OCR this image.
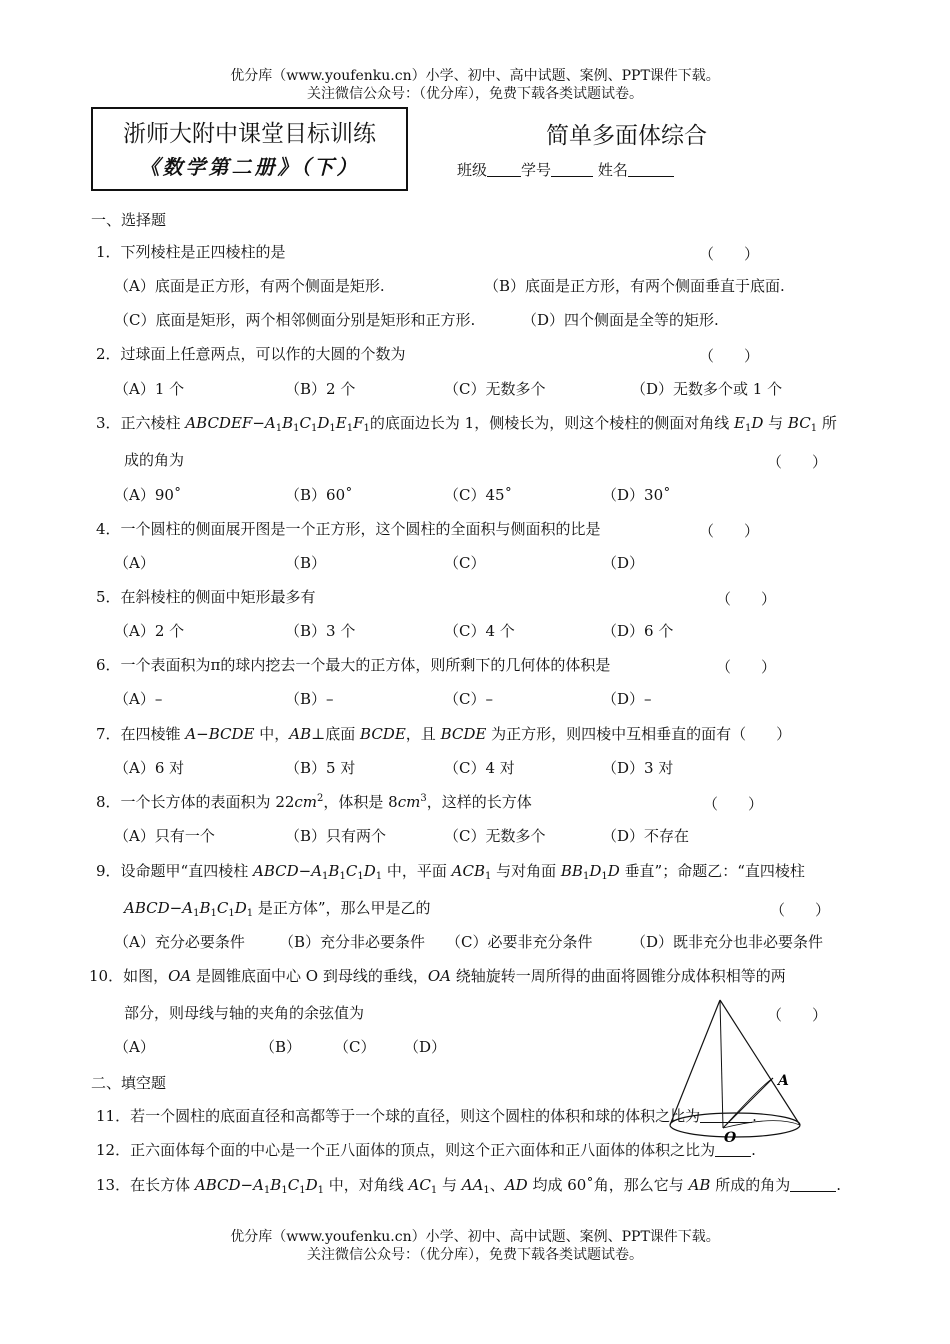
优分库（www.youfenku.cn）小学、初中、高中试题、案例、PPT课件下载。
关注微信公众号：（优分库），免费下载各类试题试卷。
浙师大附中课堂目标训练
《数学第二册》（下）
简单多面体综合
班级 学号	姓名
一、选择题
1．下列棱柱是正四棱柱的是	（　　）
（A）底面是正方形，有两个侧面是矩形.	（B）底面是正方形，有两个侧面垂直于底面.
（C）底面是矩形，两个相邻侧面分别是矩形和正方形.	（D）四个侧面是全等的矩形.
2．过球面上任意两点，可以作的大圆的个数为	（　　）
（A）1 个	（B）2 个	（C）无数多个	（D）无数多个或 1 个
3．正六棱柱 $ABCDEF-A_1B_1C_1D_1E_1F_1$的底面边长为 1，侧棱长为，则这个棱柱的侧面对角线 $E_1D$ 与 $BC_1$ 所
成的角为	（　　）
（A）90˚	（B）60˚	（C）45˚	（D）30˚
4．一个圆柱的侧面展开图是一个正方形，这个圆柱的全面积与侧面积的比是	（　　）
（A）	（B）	（C）	（D）
5．在斜棱柱的侧面中矩形最多有	（　　）
（A）2 个	（B）3 个	（C）4 个	（D）6 个
6．一个表面积为π的球内挖去一个最大的正方体，则所剩下的几何体的体积是	（　　）
（A）–	（B）–	（C）–	（D）–
7．在四棱锥 A−BCDE 中，AB⊥底面 BCDE，且 BCDE 为正方形，则四棱中互相垂直的面有（　　）
（A）6 对	（B）5 对	（C）4 对	（D）3 对
8．一个长方体的表面积为 $22cm^2$，体积是 $8cm^3$，这样的长方体	（　　）
（A）只有一个	（B）只有两个	（C）无数多个	（D）不存在
9．设命题甲“直四棱柱 $ABCD-A_1B_1C_1D_1$ 中，平面 $ACB_1$ 与对角面 $BB_1D_1D$ 垂直”；命题乙：“直四棱柱
$ABCD-A_1B_1C_1D_1$ 是正方体”，那么甲是乙的	（　　）
（A）充分必要条件 （B）充分非必要条件 （C）必要非充分条件	（D）既非充分也非必要条件
10．如图，OA 是圆锥底面中心 O 到母线的垂线，OA 绕轴旋转一周所得的曲面将圆锥分成体积相等的两
部分，则母线与轴的夹角的余弦值为	（　　）
（A）	（B） （C） （D）
二、填空题	A
O
11．若一个圆柱的底面直径和高都等于一个球的直径，则这个圆柱的体积和球的体积之比为	.
12．正六面体每个面的中心是一个正八面体的顶点，则这个正六面体和正八面体的体积之比为 .
13．在长方体 $ABCD-A_1B_1C_1D_1$ 中，对角线 $AC_1$ 与 $AA_1$、AD 均成 60˚角，那么它与 AB 所成的角为	.
优分库（www.youfenku.cn）小学、初中、高中试题、案例、PPT课件下载。
关注微信公众号：（优分库），免费下载各类试题试卷。
